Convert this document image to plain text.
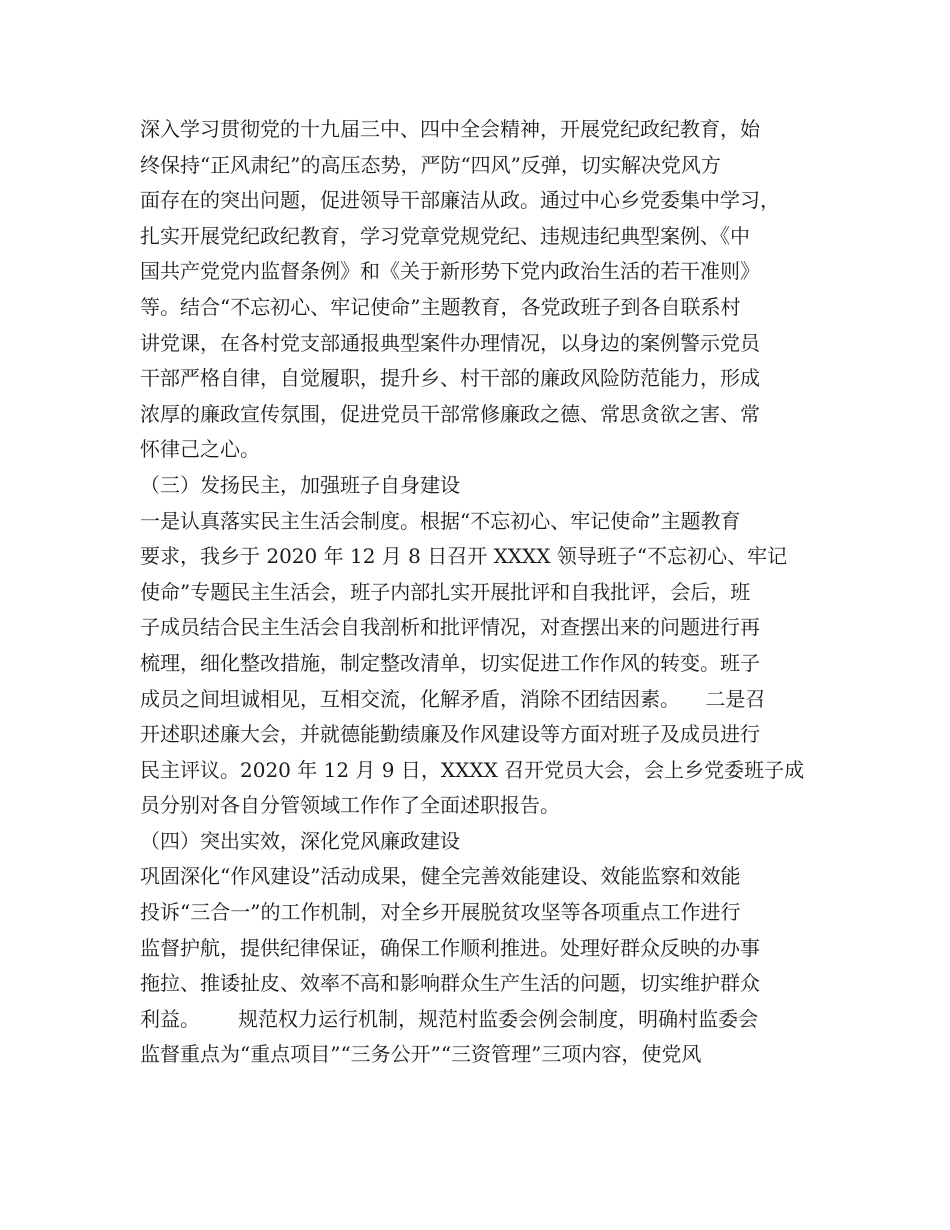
深入学习贯彻党的十九届三中、四中全会精神，开展党纪政纪教育，始
终保持“正风肃纪”的高压态势，严防“四风”反弹，切实解决党风方
面存在的突出问题，促进领导干部廉洁从政。通过中心乡党委集中学习，
扎实开展党纪政纪教育，学习党章党规党纪、违规违纪典型案例、《中
国共产党党内监督条例》和《关于新形势下党内政治生活的若干准则》
等。结合“不忘初心、牢记使命”主题教育，各党政班子到各自联系村
讲党课，在各村党支部通报典型案件办理情况，以身边的案例警示党员
干部严格自律，自觉履职，提升乡、村干部的廉政风险防范能力，形成
浓厚的廉政宣传氛围，促进党员干部常修廉政之德、常思贪欲之害、常
怀律己之心。
（三）发扬民主，加强班子自身建设
一是认真落实民主生活会制度。根据“不忘初心、牢记使命”主题教育
要求，我乡于 2020 年 12 月 8 日召开 XXXX 领导班子“不忘初心、牢记
使命”专题民主生活会，班子内部扎实开展批评和自我批评，会后，班
子成员结合民主生活会自我剖析和批评情况，对查摆出来的问题进行再
梳理，细化整改措施，制定整改清单，切实促进工作作风的转变。班子
成员之间坦诚相见，互相交流，化解矛盾，消除不团结因素。    二是召
开述职述廉大会，并就德能勤绩廉及作风建设等方面对班子及成员进行
民主评议。2020 年 12 月 9 日，XXXX 召开党员大会，会上乡党委班子成
员分别对各自分管领域工作作了全面述职报告。
（四）突出实效，深化党风廉政建设
巩固深化“作风建设”活动成果，健全完善效能建设、效能监察和效能
投诉“三合一”的工作机制，对全乡开展脱贫攻坚等各项重点工作进行
监督护航，提供纪律保证，确保工作顺利推进。处理好群众反映的办事
拖拉、推诿扯皮、效率不高和影响群众生产生活的问题，切实维护群众
利益。      规范权力运行机制，规范村监委会例会制度，明确村监委会
监督重点为“重点项目”“三务公开”“三资管理”三项内容，使党风
